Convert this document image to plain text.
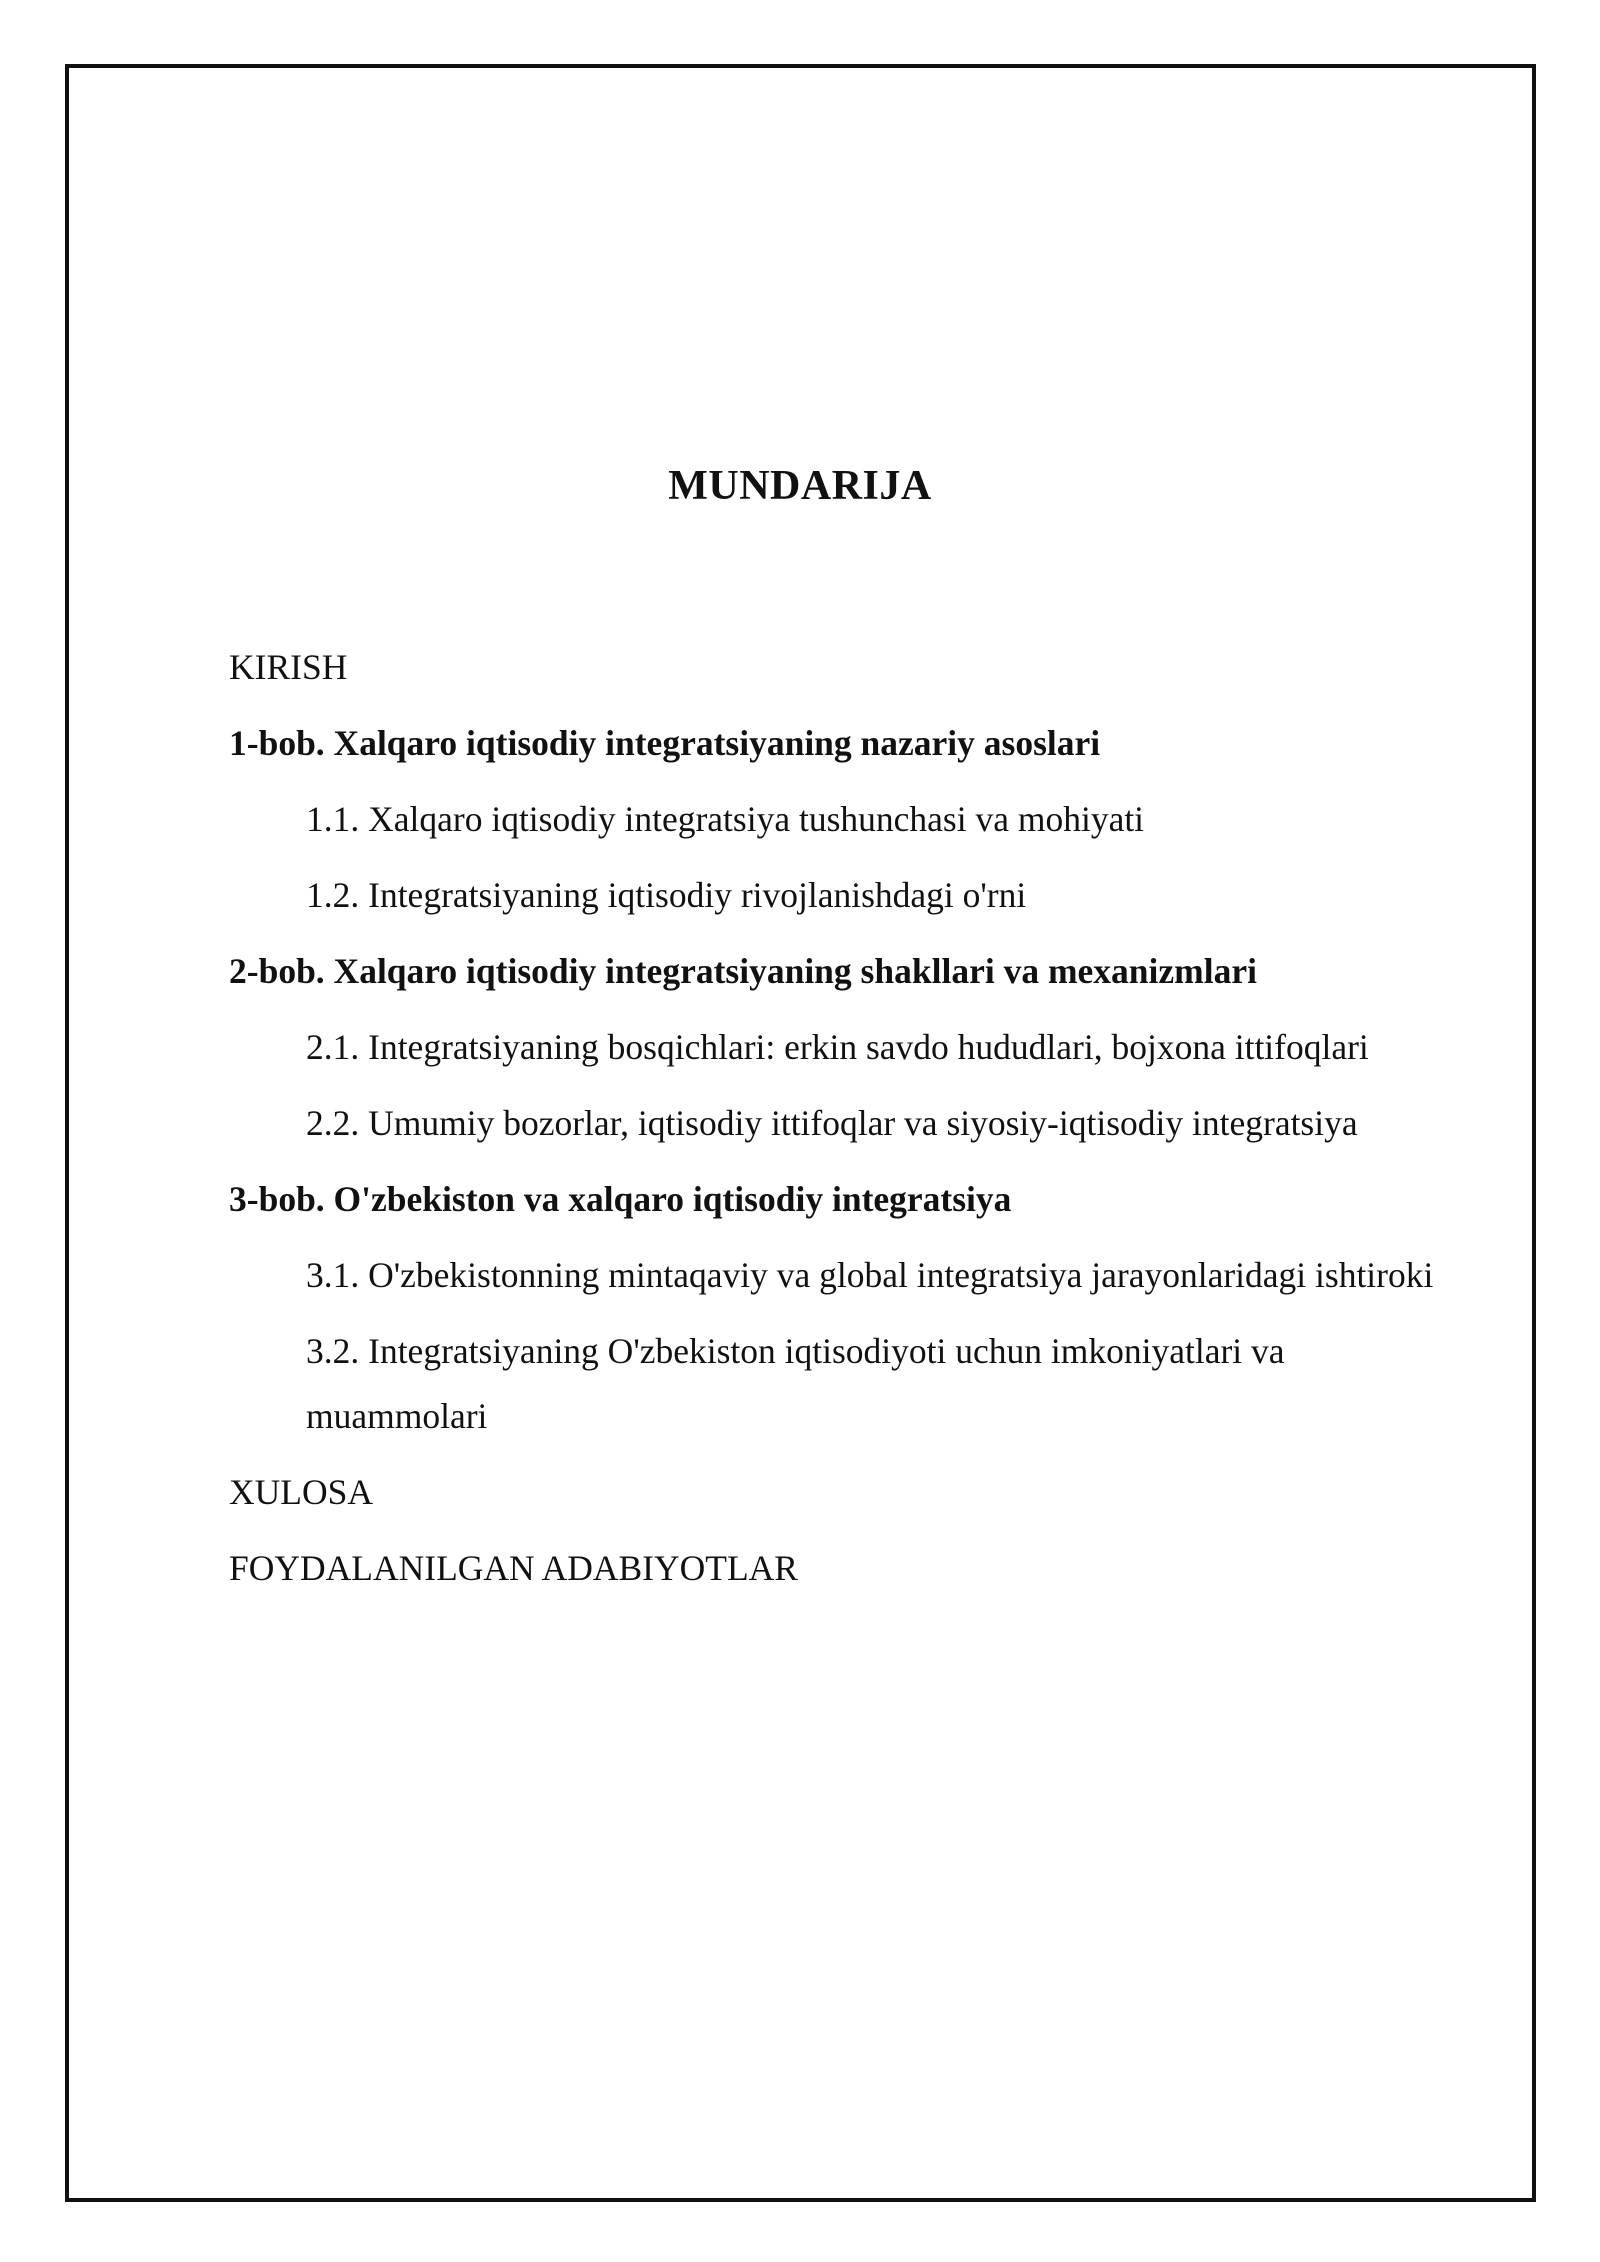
MUNDARIJA
KIRISH
1-bob. Xalqaro iqtisodiy integratsiyaning nazariy asoslari
1.1. Xalqaro iqtisodiy integratsiya tushunchasi va mohiyati
1.2. Integratsiyaning iqtisodiy rivojlanishdagi o'rni
2-bob. Xalqaro iqtisodiy integratsiyaning shakllari va mexanizmlari
2.1. Integratsiyaning bosqichlari: erkin savdo hududlari, bojxona ittifoqlari
2.2. Umumiy bozorlar, iqtisodiy ittifoqlar va siyosiy-iqtisodiy integratsiya
3-bob. O'zbekiston va xalqaro iqtisodiy integratsiya
3.1. O'zbekistonning mintaqaviy va global integratsiya jarayonlaridagi ishtiroki
3.2. Integratsiyaning O'zbekiston iqtisodiyoti uchun imkoniyatlari va muammolari
XULOSA
FOYDALANILGAN ADABIYOTLAR
